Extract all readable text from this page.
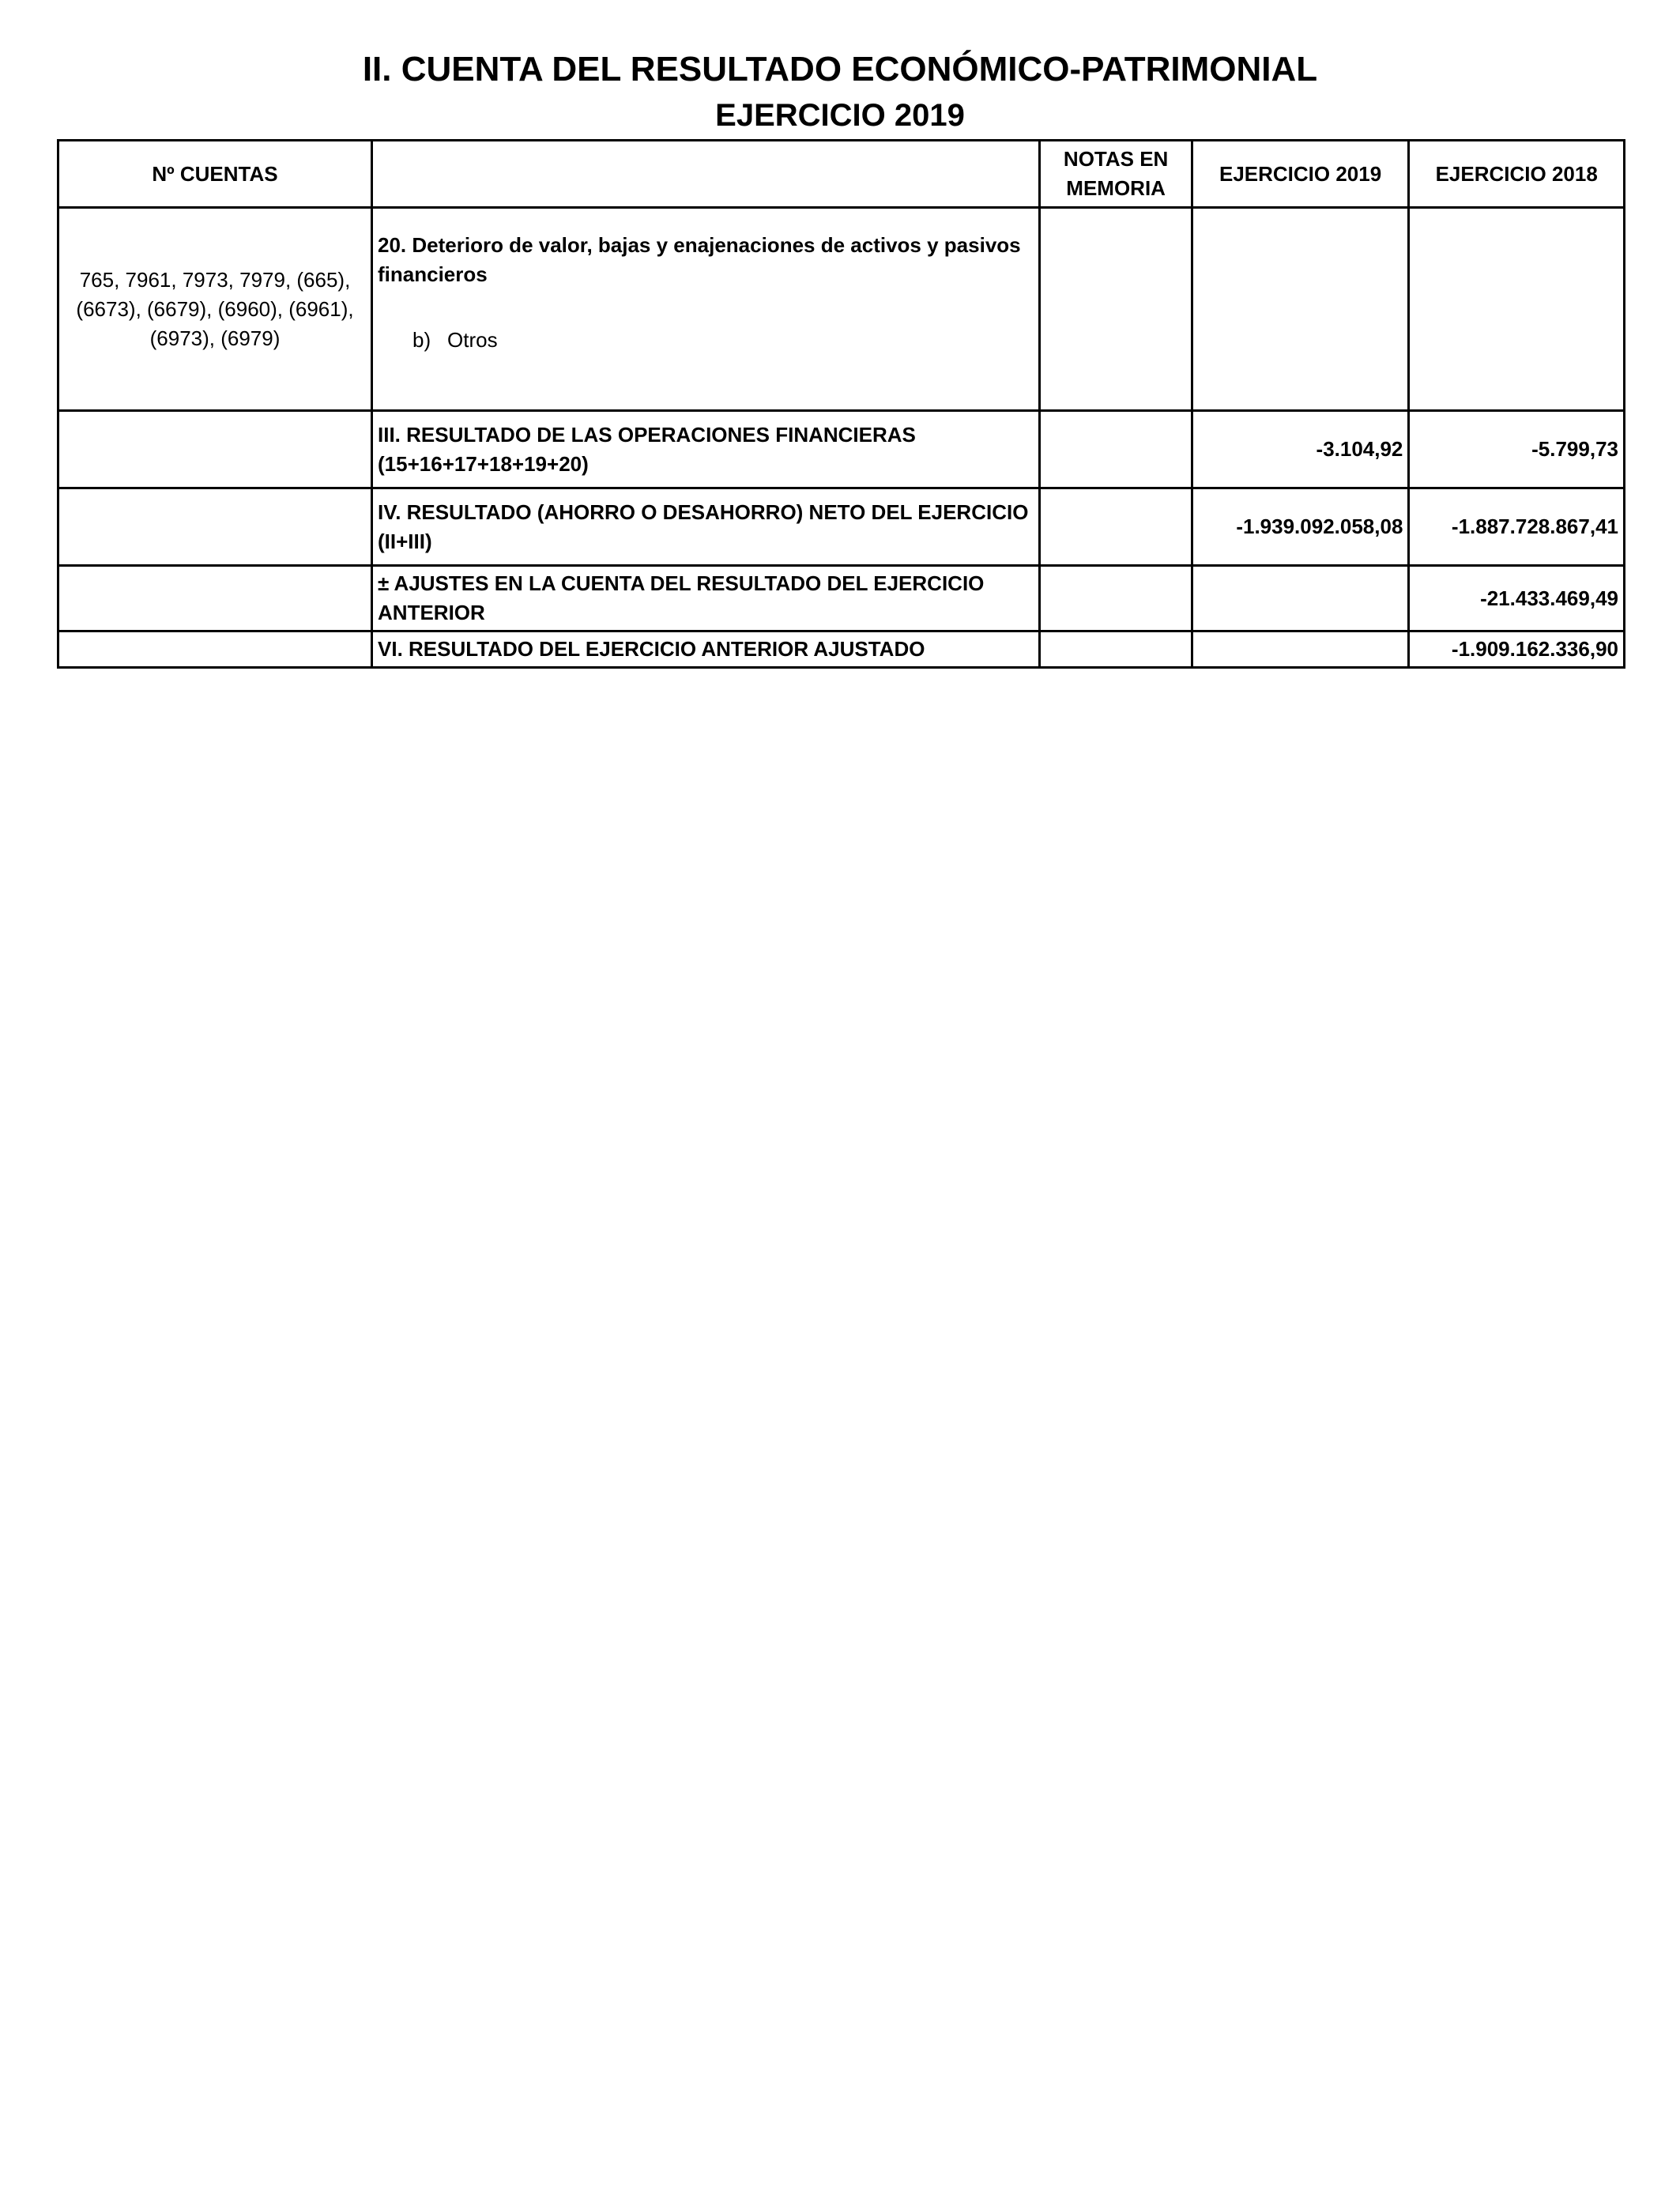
II. CUENTA DEL RESULTADO ECONÓMICO-PATRIMONIAL
EJERCICIO 2019
Nº CUENTAS		NOTAS EN MEMORIA	EJERCICIO 2019	EJERCICIO 2018
765, 7961, 7973, 7979, (665), (6673), (6679), (6960), (6961), (6973), (6979)	20. Deterioro de valor, bajas y enajenaciones de activos y pasivos financieros
b) Otros			

	III. RESULTADO DE LAS OPERACIONES FINANCIERAS (15+16+17+18+19+20)		-3.104,92	-5.799,73
	IV. RESULTADO (AHORRO O DESAHORRO) NETO DEL EJERCICIO (II+III)		-1.939.092.058,08	-1.887.728.867,41
	± AJUSTES EN LA CUENTA DEL RESULTADO DEL EJERCICIO ANTERIOR			-21.433.469,49
	VI. RESULTADO DEL EJERCICIO ANTERIOR AJUSTADO			-1.909.162.336,90
